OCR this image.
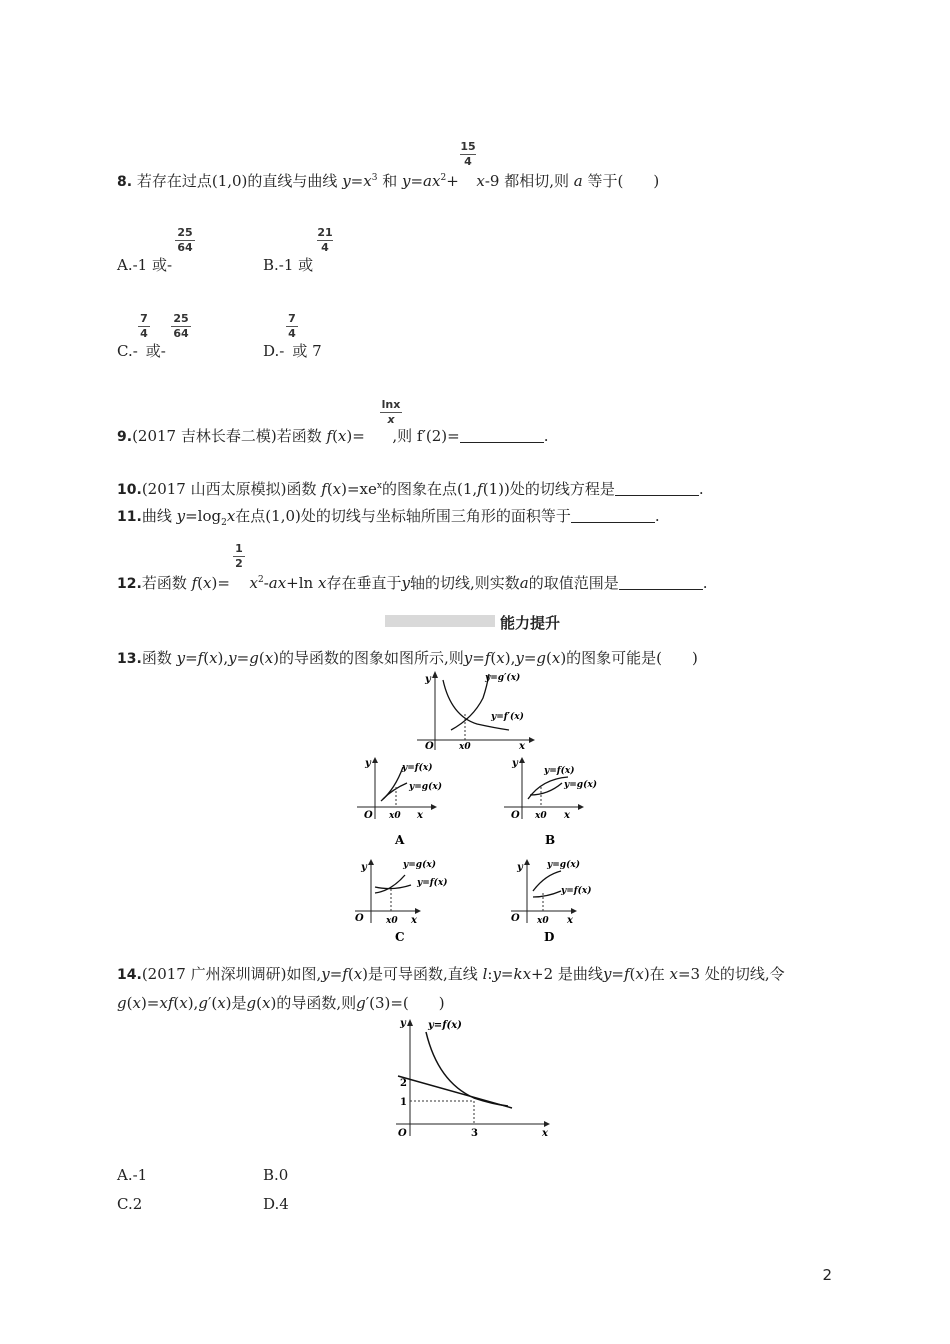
15
4
8. 若存在过点(1,0)的直线与曲线 $y=x^3$ 和 $y=ax^2+ x-9$ 都相切,则 a 等于(　　)
25
64
A.-1 或-
21
4
B.-1 或
7
4
25
64
C.- 或-
7
4
D.- 或 7
lnx
x
9.(2017 吉林长春二模)若函数 f(x)= ,则 f′(2)=	.
10.(2017 山西太原模拟)函数 $f(x)=xe^x$的图象在点(1,f(1))处的切线方程是	.
11.曲线 $y=\log_2x$在点(1,0)处的切线与坐标轴所围三角形的面积等于	.
1
2
12.若函数 $f(x)= x^2-ax+\ln$ x存在垂直于y轴的切线,则实数a的取值范围是	.
能力提升
13.函数 y=f(x),y=g(x)的导函数的图象如图所示,则y=f(x),y=g(x)的图象可能是(　　)
y
x
O	x0
y=g′(x)
y=f′(x)
y
x
O x0
y=f(x)
y=g(x)
A
y
x
O x0
y=f(x)
y=g(x)
B
y
x
O x0
y=g(x)
y=f(x)
C
y
x
O x0
y=g(x)
y=f(x)
D
14.(2017 广州深圳调研)如图,y=f(x)是可导函数,直线 l:y=kx+2 是曲线y=f(x)在 x=3 处的切线,令
g(x)=xf(x),g′(x)是g(x)的导函数,则g′(3)=(　　)
y
x
O
y=f(x)
2
1
3
A.-1	B.0
C.2	D.4
2
